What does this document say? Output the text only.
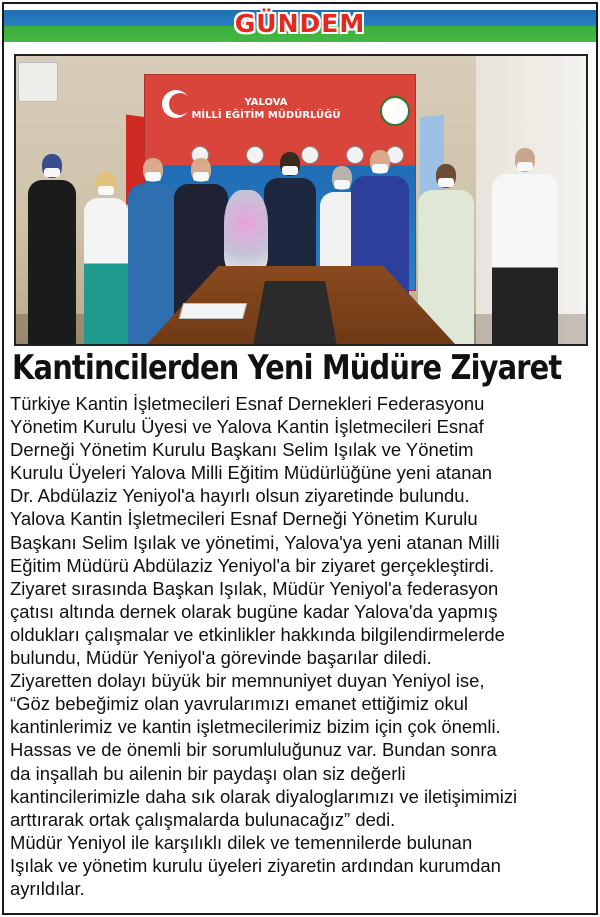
GÜNDEM
YALOVA
MİLLİ EĞİTİM MÜDÜRLÜĞÜ
Kantincilerden Yeni Müdüre Ziyaret
Türkiye Kantin İşletmecileri Esnaf Dernekleri Federasyonu
Yönetim Kurulu Üyesi ve Yalova Kantin İşletmecileri Esnaf
Derneği Yönetim Kurulu Başkanı Selim Işılak ve Yönetim
Kurulu Üyeleri Yalova Milli Eğitim Müdürlüğüne yeni atanan
Dr. Abdülaziz Yeniyol'a hayırlı olsun ziyaretinde bulundu.
Yalova Kantin İşletmecileri Esnaf Derneği Yönetim Kurulu
Başkanı Selim Işılak ve yönetimi, Yalova'ya yeni atanan Milli
Eğitim Müdürü Abdülaziz Yeniyol'a bir ziyaret gerçekleştirdi.
Ziyaret sırasında Başkan Işılak, Müdür Yeniyol'a federasyon
çatısı altında dernek olarak bugüne kadar Yalova'da yapmış
oldukları çalışmalar ve etkinlikler hakkında bilgilendirmelerde
bulundu, Müdür Yeniyol'a görevinde başarılar diledi.
Ziyaretten dolayı büyük bir memnuniyet duyan Yeniyol ise,
“Göz bebeğimiz olan yavrularımızı emanet ettiğimiz okul
kantinlerimiz ve kantin işletmecilerimiz bizim için çok önemli.
Hassas ve de önemli bir sorumluluğunuz var. Bundan sonra
da inşallah bu ailenin bir paydaşı olan siz değerli
kantincilerimizle daha sık olarak diyaloglarımızı ve iletişimimizi
arttırarak ortak çalışmalarda bulunacağız” dedi.
Müdür Yeniyol ile karşılıklı dilek ve temennilerde bulunan
Işılak ve yönetim kurulu üyeleri ziyaretin ardından kurumdan
ayrıldılar.
